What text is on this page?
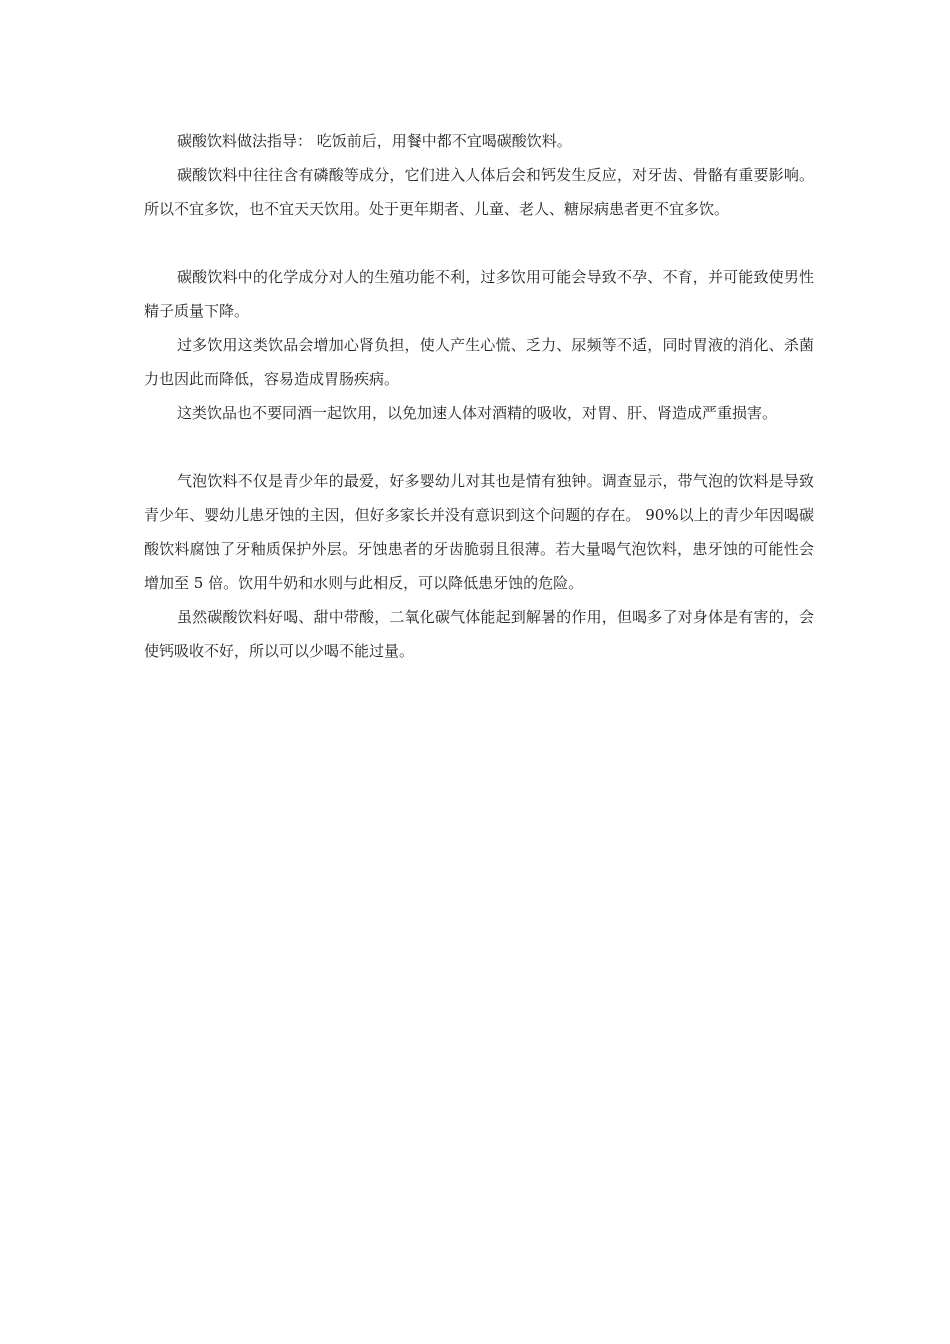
碳酸饮料做法指导： 吃饭前后，用餐中都不宜喝碳酸饮料。

碳酸饮料中往往含有磷酸等成分，它们进入人体后会和钙发生反应，对牙齿、骨骼有重要影响。所以不宜多饮，也不宜天天饮用。处于更年期者、儿童、老人、糖尿病患者更不宜多饮。

碳酸饮料中的化学成分对人的生殖功能不利，过多饮用可能会导致不孕、不育，并可能致使男性精子质量下降。

过多饮用这类饮品会增加心肾负担，使人产生心慌、乏力、尿频等不适，同时胃液的消化、杀菌力也因此而降低，容易造成胃肠疾病。

这类饮品也不要同酒一起饮用，以免加速人体对酒精的吸收，对胃、肝、肾造成严重损害。

气泡饮料不仅是青少年的最爱，好多婴幼儿对其也是情有独钟。调查显示，带气泡的饮料是导致青少年、婴幼儿患牙蚀的主因，但好多家长并没有意识到这个问题的存在。 90%以上的青少年因喝碳酸饮料腐蚀了牙釉质保护外层。牙蚀患者的牙齿脆弱且很薄。若大量喝气泡饮料，患牙蚀的可能性会增加至 5 倍。饮用牛奶和水则与此相反，可以降低患牙蚀的危险。

虽然碳酸饮料好喝、甜中带酸，二氧化碳气体能起到解暑的作用，但喝多了对身体是有害的，会使钙吸收不好，所以可以少喝不能过量。
